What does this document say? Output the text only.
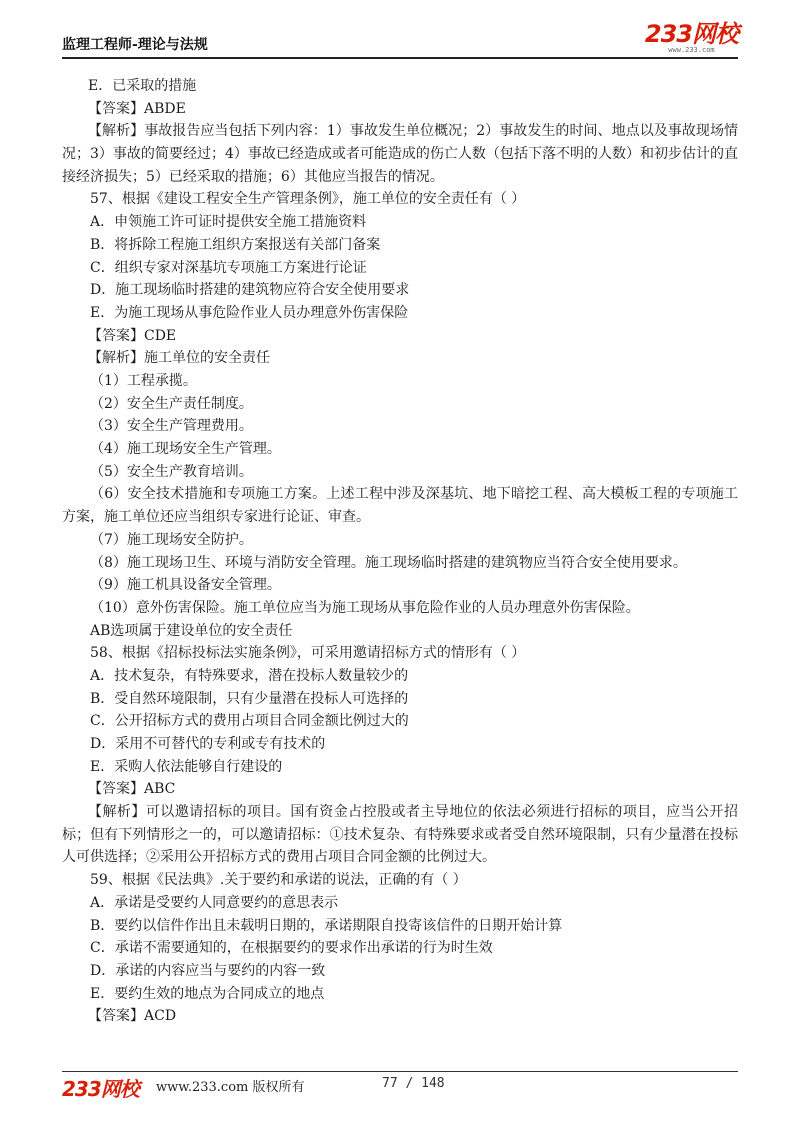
监理工程师-理论与法规	233网校
www.233.com
E．已采取的措施
【答案】ABDE
【解析】事故报告应当包括下列内容：1）事故发生单位概况；2）事故发生的时间、地点以及事故现场情况；3）事故的简要经过；4）事故已经造成或者可能造成的伤亡人数（包括下落不明的人数）和初步估计的直接经济损失；5）已经采取的措施；6）其他应当报告的情况。
57、根据《建设工程安全生产管理条例》，施工单位的安全责任有（ ）
A．申领施工许可证时提供安全施工措施资料
B．将拆除工程施工组织方案报送有关部门备案
C．组织专家对深基坑专项施工方案进行论证
D．施工现场临时搭建的建筑物应符合安全使用要求
E．为施工现场从事危险作业人员办理意外伤害保险
【答案】CDE
【解析】施工单位的安全责任
（1）工程承揽。
（2）安全生产责任制度。
（3）安全生产管理费用。
（4）施工现场安全生产管理。
（5）安全生产教育培训。
（6）安全技术措施和专项施工方案。上述工程中涉及深基坑、地下暗挖工程、高大模板工程的专项施工方案，施工单位还应当组织专家进行论证、审查。
（7）施工现场安全防护。
（8）施工现场卫生、环境与消防安全管理。施工现场临时搭建的建筑物应当符合安全使用要求。
（9）施工机具设备安全管理。
（10）意外伤害保险。施工单位应当为施工现场从事危险作业的人员办理意外伤害保险。
AB选项属于建设单位的安全责任
58、根据《招标投标法实施条例》，可采用邀请招标方式的情形有（ ）
A．技术复杂，有特殊要求，潜在投标人数量较少的
B．受自然环境限制，只有少量潜在投标人可选择的
C．公开招标方式的费用占项目合同金额比例过大的
D．采用不可替代的专利或专有技术的
E．采购人依法能够自行建设的
【答案】ABC
【解析】可以邀请招标的项目。国有资金占控股或者主导地位的依法必须进行招标的项目，应当公开招标；但有下列情形之一的，可以邀请招标：①技术复杂、有特殊要求或者受自然环境限制，只有少量潜在投标人可供选择；②采用公开招标方式的费用占项目合同金额的比例过大。
59、根据《民法典》.关于要约和承诺的说法，正确的有（ ）
A．承诺是受要约人同意要约的意思表示
B．要约以信件作出且未载明日期的，承诺期限自投寄该信件的日期开始计算
C．承诺不需要通知的，在根据要约的要求作出承诺的行为时生效
D．承诺的内容应当与要约的内容一致
E．要约生效的地点为合同成立的地点
【答案】ACD
233网校 www.233.com 版权所有	77 / 148
